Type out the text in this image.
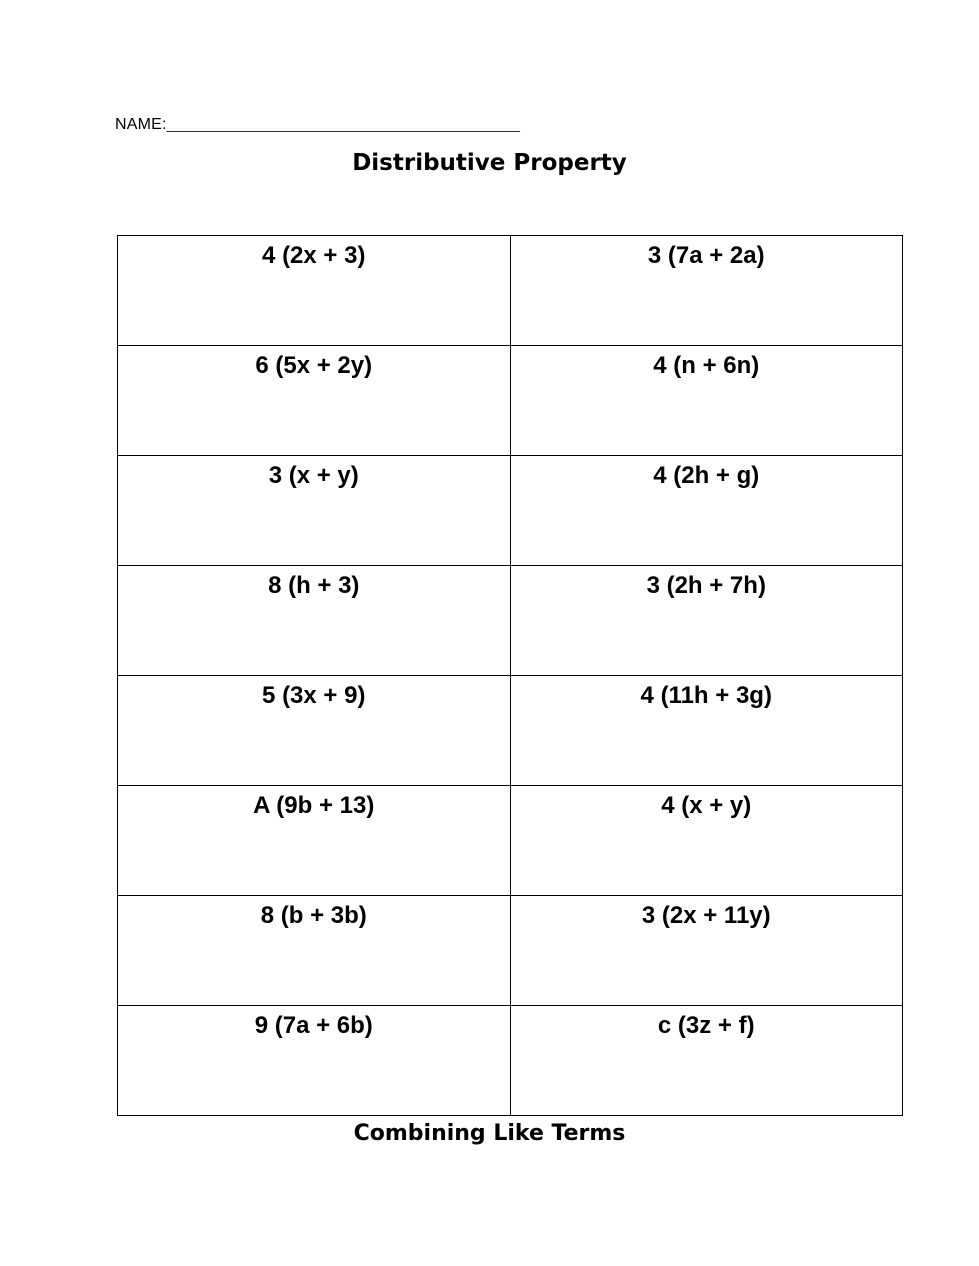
NAME:__________________________________________
Distributive Property
4 (2x + 3)	3 (7a + 2a)
6 (5x + 2y)	4 (n + 6n)
3 (x + y)	4 (2h + g)
8 (h + 3)	3 (2h + 7h)
5 (3x + 9)	4 (11h + 3g)
A (9b + 13)	4 (x + y)
8 (b + 3b)	3 (2x + 11y)
9 (7a + 6b)	c (3z + f)
Combining Like Terms
